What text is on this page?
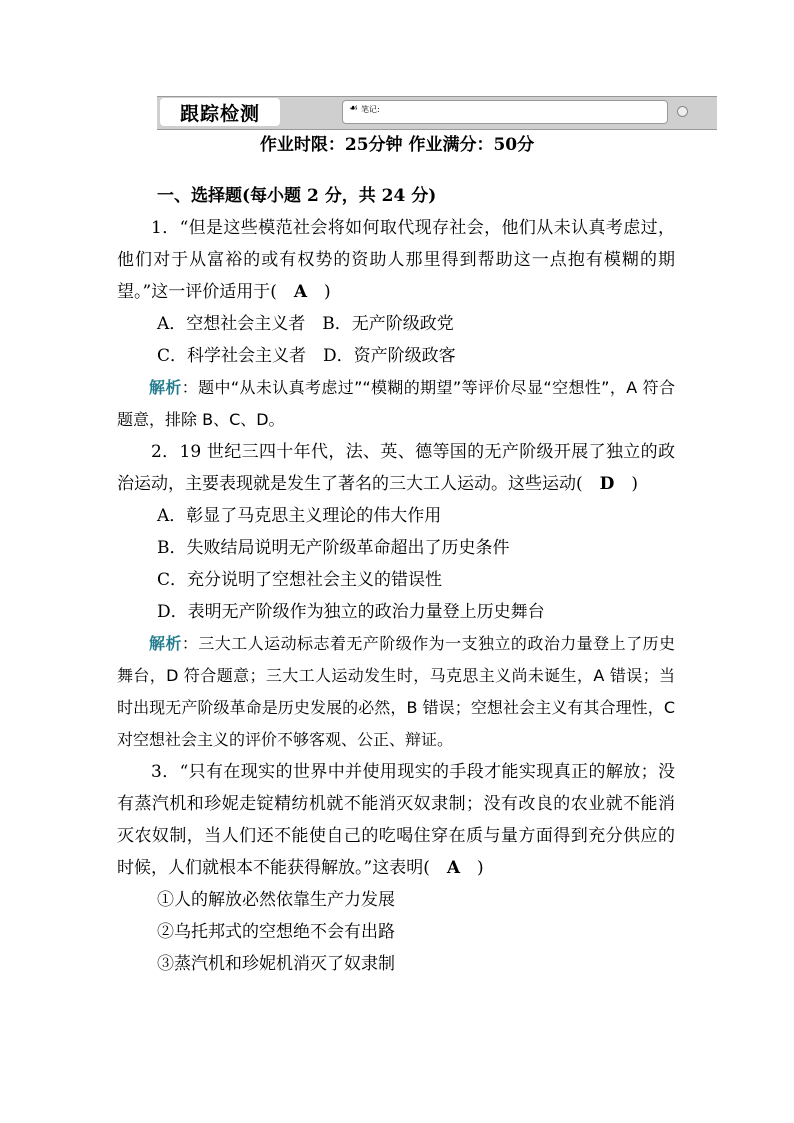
跟踪检测	☙ 笔记:
作业时限：25分钟 作业满分：50分

一、选择题(每小题 2 分，共 24 分)

1．“但是这些模范社会将如何取代现存社会，他们从未认真考虑过，他们对于从富裕的或有权势的资助人那里得到帮助这一点抱有模糊的期望。”这一评价适用于(　 A　 )

A．空想社会主义者　B．无产阶级政党

C．科学社会主义者　D．资产阶级政客

解析：题中“从未认真考虑过”“模糊的期望”等评价尽显“空想性”，A 符合题意，排除 B、C、D。

2．19 世纪三四十年代，法、英、德等国的无产阶级开展了独立的政治运动，主要表现就是发生了著名的三大工人运动。这些运动(　 D　 )

A．彰显了马克思主义理论的伟大作用

B．失败结局说明无产阶级革命超出了历史条件

C．充分说明了空想社会主义的错误性

D．表明无产阶级作为独立的政治力量登上历史舞台

解析：三大工人运动标志着无产阶级作为一支独立的政治力量登上了历史舞台，D 符合题意；三大工人运动发生时，马克思主义尚未诞生，A 错误；当时出现无产阶级革命是历史发展的必然，B 错误；空想社会主义有其合理性，C 对空想社会主义的评价不够客观、公正、辩证。

3．“只有在现实的世界中并使用现实的手段才能实现真正的解放；没有蒸汽机和珍妮走锭精纺机就不能消灭奴隶制；没有改良的农业就不能消灭农奴制，当人们还不能使自己的吃喝住穿在质与量方面得到充分供应的时候，人们就根本不能获得解放。”这表明(　 A　 )

①人的解放必然依靠生产力发展

②乌托邦式的空想绝不会有出路

③蒸汽机和珍妮机消灭了奴隶制
